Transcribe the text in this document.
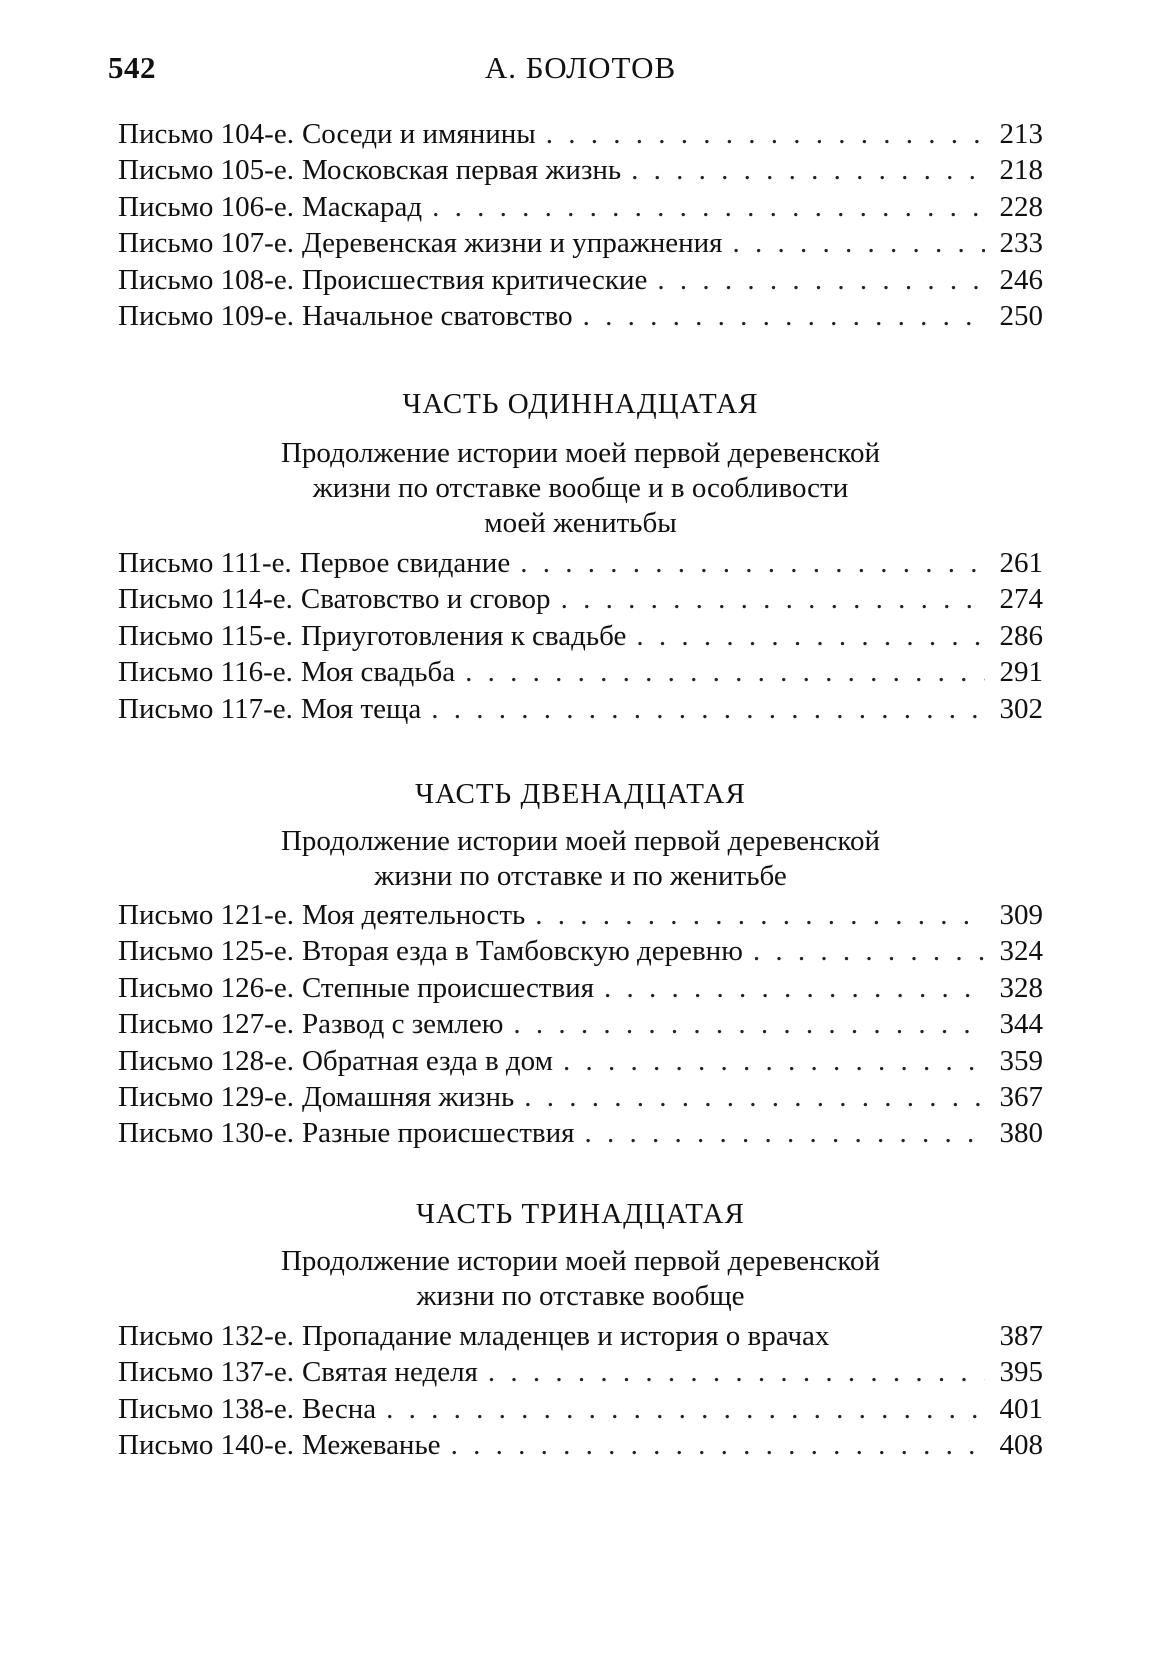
542	А. БОЛОТОВ
Письмо 104-е. Соседи и имянины . . .	213
Письмо 105-е. Московская первая жизнь . . .	218
Письмо 106-е. Маскарад . . .	228
Письмо 107-е. Деревенская жизни и упражнения . . .	233
Письмо 108-е. Происшествия критические . . .	246
Письмо 109-е. Начальное сватовство . . .	250
ЧАСТЬ ОДИННАДЦАТАЯ
Продолжение истории моей первой деревенской
жизни по отставке вообще и в особливости
моей женитьбы
Письмо 111-е. Первое свидание . . .	261
Письмо 114-е. Сватовство и сговор . . .	274
Письмо 115-е. Приуготовления к свадьбе . . .	286
Письмо 116-е. Моя свадьба . . .	291
Письмо 117-е. Моя теща . . .	302
ЧАСТЬ ДВЕНАДЦАТАЯ
Продолжение истории моей первой деревенской
жизни по отставке и по женитьбе
Письмо 121-е. Моя деятельность . . .	309
Письмо 125-е. Вторая езда в Тамбовскую деревню . . .	324
Письмо 126-е. Степные происшествия . . .	328
Письмо 127-е. Развод с землею . . .	344
Письмо 128-е. Обратная езда в дом . . .	359
Письмо 129-е. Домашняя жизнь . . .	367
Письмо 130-е. Разные происшествия . . .	380
ЧАСТЬ ТРИНАДЦАТАЯ
Продолжение истории моей первой деревенской
жизни по отставке вообще
Письмо 132-е. Пропадание младенцев и история о врачах	387
Письмо 137-е. Святая неделя . . .	395
Письмо 138-е. Весна . . .	401
Письмо 140-е. Межеванье . . .	408
